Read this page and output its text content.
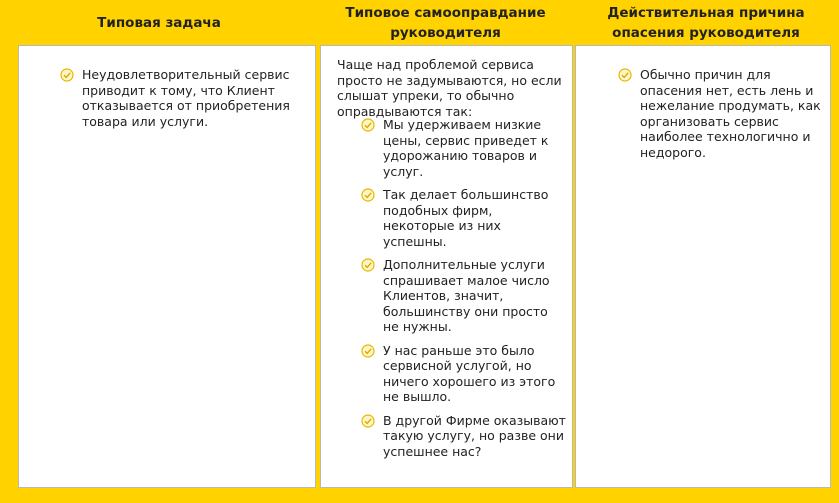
Типовая задача
Типовое самооправдание руководителя
Действительная причина опасения руководителя
Неудовлетворительный сервис приводит к тому, что Клиент отказывается от приобретения товара или услуги.
Чаще над проблемой сервиса просто не задумываются, но если слышат упреки, то обычно оправдываются так:
Мы удерживаем низкие цены, сервис приведет к удорожанию товаров и услуг.
Так делает большинство подобных фирм, некоторые из них успешны.
Дополнительные услуги спрашивает малое число Клиентов, значит, большинству они просто не нужны.
У нас раньше это было сервисной услугой, но ничего хорошего из этого не вышло.
В другой Фирме оказывают такую услугу, но разве они успешнее нас?
Обычно причин для опасения нет, есть лень и нежелание продумать, как организовать сервис наиболее технологично и недорого.
